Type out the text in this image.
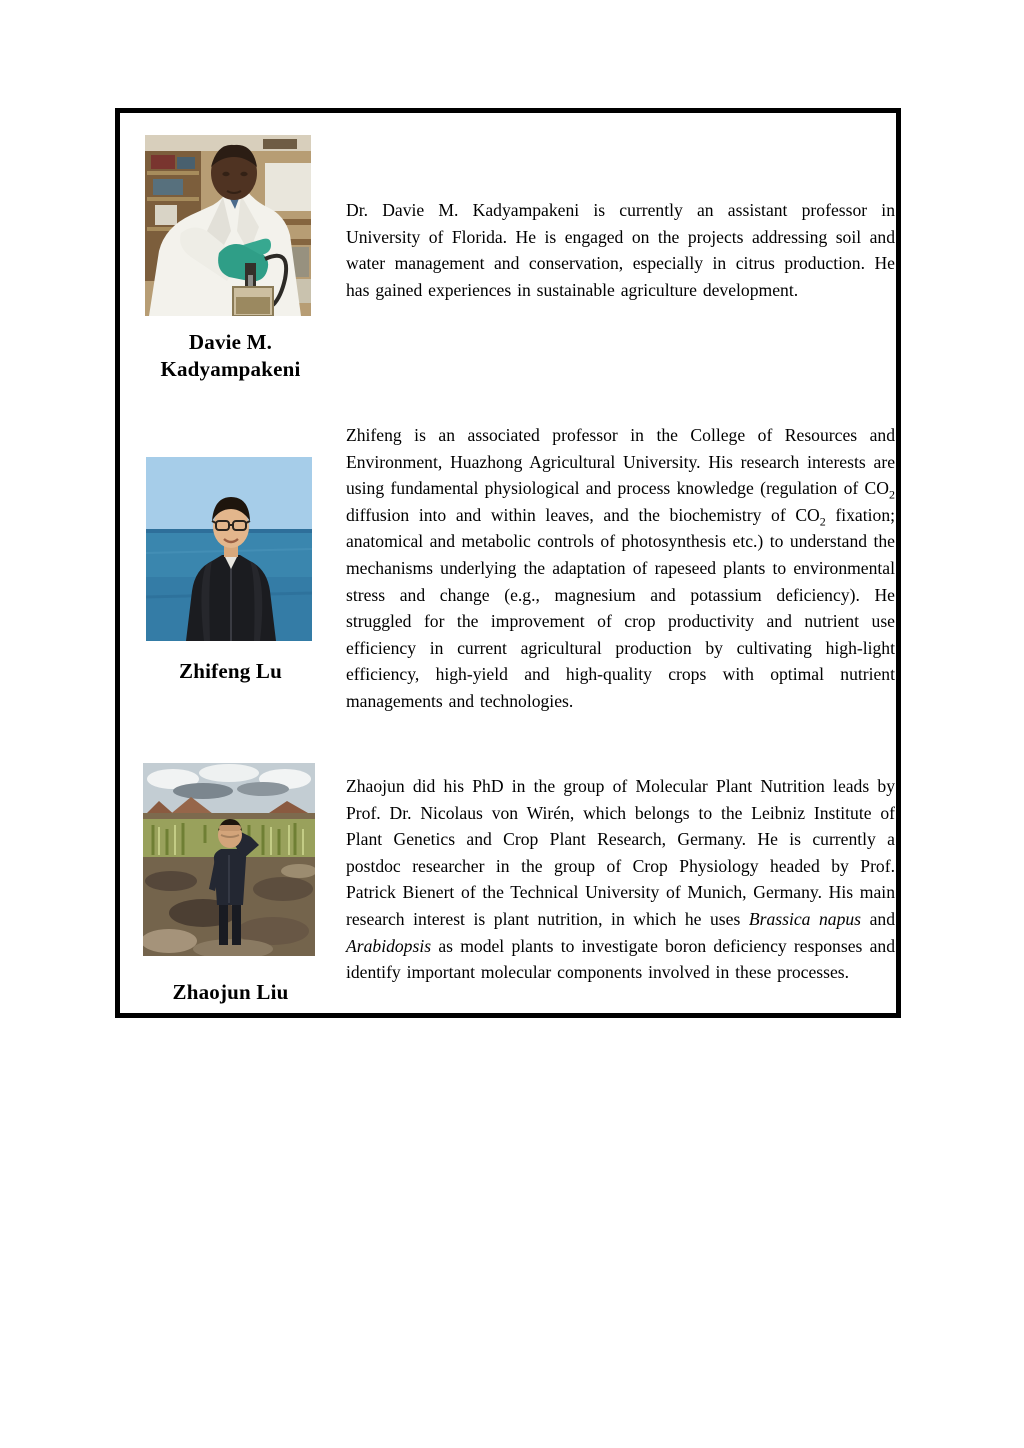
Davie M. Kadyampakeni
Dr. Davie M. Kadyampakeni is currently an assistant professor in University of Florida. He is engaged on the projects addressing soil and water management and conservation, especially in citrus production. He has gained experiences in sustainable agriculture development.
Zhifeng Lu
Zhifeng is an associated professor in the College of Resources and Environment, Huazhong Agricultural University. His research interests are using fundamental physiological and process knowledge (regulation of $CO_2$ diffusion into and within leaves, and the biochemistry of $CO_2$ fixation; anatomical and metabolic controls of photosynthesis etc.) to understand the mechanisms underlying the adaptation of rapeseed plants to environmental stress and change (e.g., magnesium and potassium deficiency). He struggled for the improvement of crop productivity and nutrient use efficiency in current agricultural production by cultivating high-light efficiency, high-yield and high-quality crops with optimal nutrient managements and technologies.
Zhaojun Liu
Zhaojun did his PhD in the group of Molecular Plant Nutrition leads by Prof. Dr. Nicolaus von Wirén, which belongs to the Leibniz Institute of Plant Genetics and Crop Plant Research, Germany. He is currently a postdoc researcher in the group of Crop Physiology headed by Prof. Patrick Bienert of the Technical University of Munich, Germany. His main research interest is plant nutrition, in which he uses Brassica napus and Arabidopsis as model plants to investigate boron deficiency responses and identify important molecular components involved in these processes.
